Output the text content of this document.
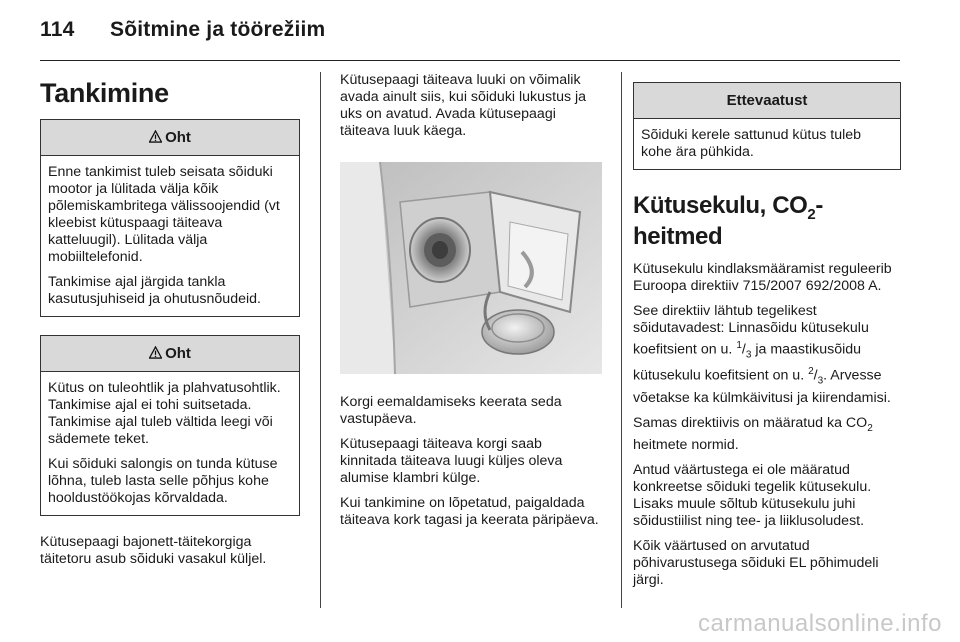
114 Sõitmine ja töörežiim
Tankimine
Oht

Enne tankimist tuleb seisata sõiduki mootor ja lülitada välja kõik põlemiskambritega välissoojendid (vt kleebist kütuspaagi täiteava katteluugil). Lülitada välja mobiiltelefonid.

Tankimise ajal järgida tankla kasutusjuhiseid ja ohutusnõudeid.

Oht

Kütus on tuleohtlik ja plahvatusohtlik. Tankimise ajal ei tohi suitsetada. Tankimise ajal tuleb vältida leegi või sädemete teket.

Kui sõiduki salongis on tunda kütuse lõhna, tuleb lasta selle põhjus kohe hooldustöökojas kõrvaldada.

Kütusepaagi bajonett-täitekorgiga täitetoru asub sõiduki vasakul küljel.

Kütusepaagi täiteava luuki on võimalik avada ainult siis, kui sõiduki lukustus ja uks on avatud. Avada kütusepaagi täiteava luuk käega.

Korgi eemaldamiseks keerata seda vastupäeva.

Kütusepaagi täiteava korgi saab kinnitada täiteava luugi küljes oleva alumise klambri külge.

Kui tankimine on lõpetatud, paigaldada täiteava kork tagasi ja keerata päripäeva.

Ettevaatust

Sõiduki kerele sattunud kütus tuleb kohe ära pühkida.

Kütusekulu, $CO_2$-heitmed

Kütusekulu kindlaksmääramist reguleerib Euroopa direktiiv 715/2007 692/2008 A.

See direktiiv lähtub tegelikest sõidutavadest: Linnasõidu kütusekulu koefitsient on u. $^1/_3$ ja maastikusõidu kütusekulu koefitsient on u. $^2/_3$. Arvesse võetakse ka külmkäivitusi ja kiirendamisi.

Samas direktiivis on määratud ka $CO_2$ heitmete normid.

Antud väärtustega ei ole määratud konkreetse sõiduki tegelik kütusekulu. Lisaks muule sõltub kütusekulu juhi sõidustiilist ning tee- ja liiklusoludest.

Kõik väärtused on arvutatud põhivarustusega sõiduki EL põhimudeli järgi.

carmanualsonline.info
